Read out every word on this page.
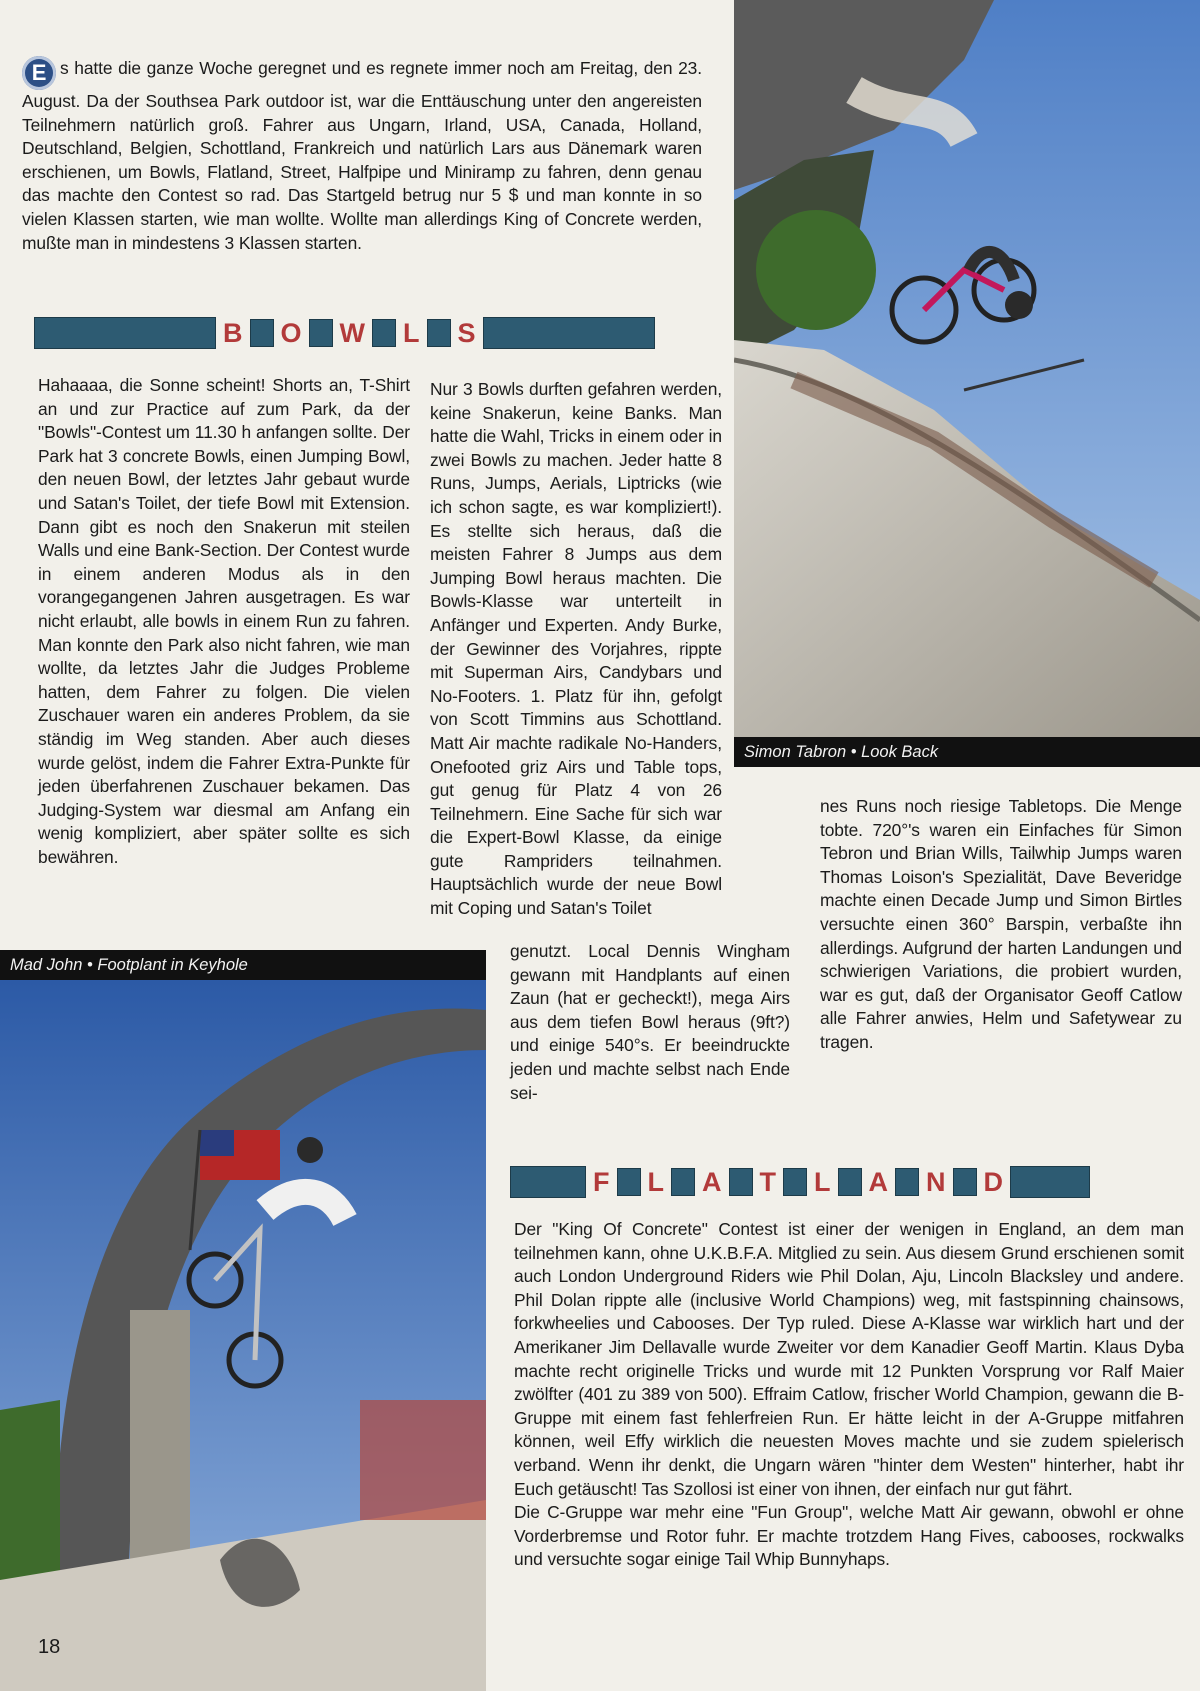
E s hatte die ganze Woche geregnet und es regnete immer noch am Freitag, den 23. August. Da der Southsea Park outdoor ist, war die Enttäuschung unter den angereisten Teilnehmern natürlich groß. Fahrer aus Ungarn, Irland, USA, Canada, Holland, Deutschland, Belgien, Schottland, Frankreich und natürlich Lars aus Dänemark waren erschienen, um Bowls, Flatland, Street, Halfpipe und Miniramp zu fahren, denn genau das machte den Contest so rad. Das Startgeld betrug nur 5 $ und man konnte in so vielen Klassen starten, wie man wollte. Wollte man allerdings King of Concrete werden, mußte man in mindestens 3 Klassen starten.
B O W L S
Hahaaaa, die Sonne scheint! Shorts an, T-Shirt an und zur Practice auf zum Park, da der "Bowls"-Contest um 11.30 h anfangen sollte. Der Park hat 3 concrete Bowls, einen Jumping Bowl, den neuen Bowl, der letztes Jahr gebaut wurde und Satan's Toilet, der tiefe Bowl mit Extension. Dann gibt es noch den Snakerun mit steilen Walls und eine Bank-Section. Der Contest wurde in einem anderen Modus als in den vorangegangenen Jahren ausgetragen. Es war nicht erlaubt, alle bowls in einem Run zu fahren. Man konnte den Park also nicht fahren, wie man wollte, da letztes Jahr die Judges Probleme hatten, dem Fahrer zu folgen. Die vielen Zuschauer waren ein anderes Problem, da sie ständig im Weg standen. Aber auch dieses wurde gelöst, indem die Fahrer Extra-Punkte für jeden überfahrenen Zuschauer bekamen. Das Judging-System war diesmal am Anfang ein wenig kompliziert, aber später sollte es sich bewähren.
Nur 3 Bowls durften gefahren werden, keine Snakerun, keine Banks. Man hatte die Wahl, Tricks in einem oder in zwei Bowls zu machen. Jeder hatte 8 Runs, Jumps, Aerials, Liptricks (wie ich schon sagte, es war kompliziert!). Es stellte sich heraus, daß die meisten Fahrer 8 Jumps aus dem Jumping Bowl heraus machten. Die Bowls-Klasse war unterteilt in Anfänger und Experten. Andy Burke, der Gewinner des Vorjahres, rippte mit Superman Airs, Candybars und No-Footers. 1. Platz für ihn, gefolgt von Scott Timmins aus Schottland. Matt Air machte radikale No-Handers, Onefooted griz Airs und Table tops, gut genug für Platz 4 von 26 Teilnehmern. Eine Sache für sich war die Expert-Bowl Klasse, da einige gute Rampriders teilnahmen. Hauptsächlich wurde der neue Bowl mit Coping und Satan's Toilet
genutzt. Local Dennis Wingham gewann mit Handplants auf einen Zaun (hat er gecheckt!), mega Airs aus dem tiefen Bowl heraus (9ft?) und einige 540°s. Er beeindruckte jeden und machte selbst nach Ende sei-
nes Runs noch riesige Tabletops. Die Menge tobte. 720°'s waren ein Einfaches für Simon Tebron und Brian Wills, Tailwhip Jumps waren Thomas Loison's Spezialität, Dave Beveridge machte einen Decade Jump und Simon Birtles versuchte einen 360° Barspin, verbaßte ihn allerdings. Aufgrund der harten Landungen und schwierigen Variations, die probiert wurden, war es gut, daß der Organisator Geoff Catlow alle Fahrer anwies, Helm und Safetywear zu tragen.
Simon Tabron • Look Back
Mad John • Footplant in Keyhole
F L A T L A N D
Der "King Of Concrete" Contest ist einer der wenigen in England, an dem man teilnehmen kann, ohne U.K.B.F.A. Mitglied zu sein. Aus diesem Grund erschienen somit auch London Underground Riders wie Phil Dolan, Aju, Lincoln Blacksley und andere. Phil Dolan rippte alle (inclusive World Champions) weg, mit fastspinning chainsows, forkwheelies und Cabooses. Der Typ ruled. Diese A-Klasse war wirklich hart und der Amerikaner Jim Dellavalle wurde Zweiter vor dem Kanadier Geoff Martin. Klaus Dyba machte recht originelle Tricks und wurde mit 12 Punkten Vorsprung vor Ralf Maier zwölfter (401 zu 389 von 500). Effraim Catlow, frischer World Champion, gewann die B-Gruppe mit einem fast fehlerfreien Run. Er hätte leicht in der A-Gruppe mitfahren können, weil Effy wirklich die neuesten Moves machte und sie zudem spielerisch verband. Wenn ihr denkt, die Ungarn wären "hinter dem Westen" hinterher, habt ihr Euch getäuscht! Tas Szollosi ist einer von ihnen, der einfach nur gut fährt.
Die C-Gruppe war mehr eine "Fun Group", welche Matt Air gewann, obwohl er ohne Vorderbremse und Rotor fuhr. Er machte trotzdem Hang Fives, cabooses, rockwalks und versuchte sogar einige Tail Whip Bunnyhaps.
18
